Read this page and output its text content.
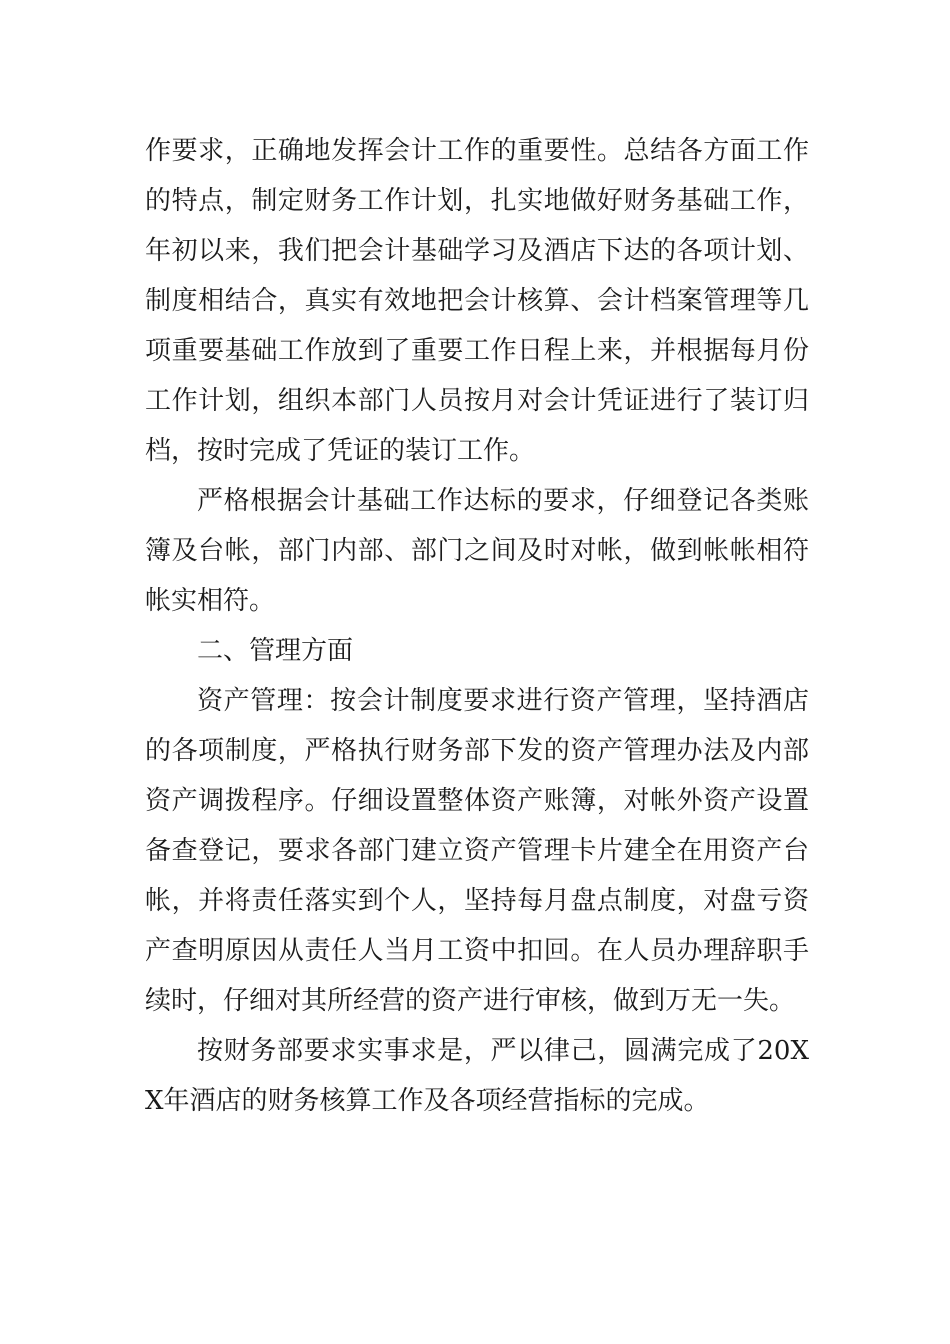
作要求，正确地发挥会计工作的重要性。总结各方面工作的特点，制定财务工作计划，扎实地做好财务基础工作，年初以来，我们把会计基础学习及酒店下达的各项计划、制度相结合，真实有效地把会计核算、会计档案管理等几项重要基础工作放到了重要工作日程上来，并根据每月份工作计划，组织本部门人员按月对会计凭证进行了装订归档，按时完成了凭证的装订工作。

严格根据会计基础工作达标的要求，仔细登记各类账簿及台帐，部门内部、部门之间及时对帐，做到帐帐相符帐实相符。

二、管理方面

资产管理：按会计制度要求进行资产管理，坚持酒店的各项制度，严格执行财务部下发的资产管理办法及内部资产调拨程序。仔细设置整体资产账簿，对帐外资产设置备查登记，要求各部门建立资产管理卡片建全在用资产台帐，并将责任落实到个人，坚持每月盘点制度，对盘亏资产查明原因从责任人当月工资中扣回。在人员办理辞职手续时，仔细对其所经营的资产进行审核，做到万无一失。

按财务部要求实事求是，严以律己，圆满完成了20XX年酒店的财务核算工作及各项经营指标的完成。
